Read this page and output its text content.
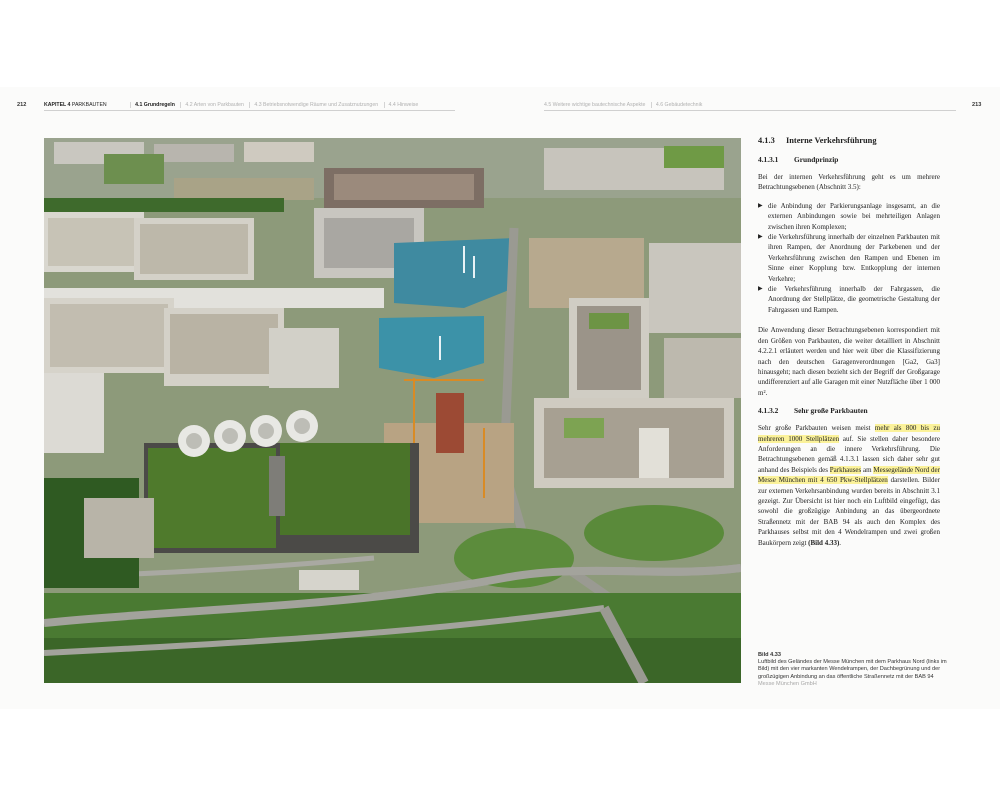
212	KAPITEL 4 PARKBAUTEN	4.1 Grundregeln 4.2 Arten von Parkbauten 4.3 Betriebsnotwendige Räume und Zusatznutzungen 4.4 Hinweise	4.5 Weitere wichtige bautechnische Aspekte 4.6 Gebäudetechnik	213
4.1.3 Interne Verkehrsführung
4.1.3.1 Grundprinzip
Bei der internen Verkehrsführung geht es um mehrere Betrachtungsebenen (Abschnitt 3.5):
▶ die Anbindung der Parkierungsanlage insgesamt, an die externen Anbindungen sowie bei mehrteiligen Anlagen zwischen ihren Komplexen;
▶ die Verkehrsführung innerhalb der einzelnen Parkbauten mit ihren Rampen, der Anordnung der Parkebenen und der Verkehrsführung zwischen den Rampen und Ebenen im Sinne einer Kopplung bzw. Entkopplung der internen Verkehre;
▶ die Verkehrsführung innerhalb der Fahrgassen, die Anordnung der Stellplätze, die geometrische Gestaltung der Fahrgassen und Rampen.
Die Anwendung dieser Betrachtungsebenen korrespondiert mit den Größen von Parkbauten, die weiter detailliert in Abschnitt 4.2.2.1 erläutert werden und hier weit über die Klassifizierung nach den deutschen Garagenverordnungen [Ga2, Ga3] hinausgeht; nach diesen bezieht sich der Begriff der Großgarage undifferenziert auf alle Garagen mit einer Nutzfläche über 1 000 m².
4.1.3.2 Sehr große Parkbauten
Sehr große Parkbauten weisen meist mehr als 800 bis zu mehreren 1000 Stellplätzen auf. Sie stellen daher besondere Anforderungen an die innere Verkehrsführung. Die Betrachtungsebenen gemäß 4.1.3.1 lassen sich daher sehr gut anhand des Beispiels des Parkhauses am Messegelände Nord der Messe München mit 4 650 Pkw-Stellplätzen darstellen. Bilder zur externen Verkehrsanbindung wurden bereits in Abschnitt 3.1 gezeigt. Zur Übersicht ist hier noch ein Luftbild eingefügt, das sowohl die großzügige Anbindung an das übergeordnete Straßennetz mit der BAB 94 als auch den Komplex des Parkhauses selbst mit den 4 Wendelrampen und zwei großen Baukörpern zeigt (Bild 4.33).
Bild 4.33
Luftbild des Geländes der Messe München mit dem Parkhaus Nord (links im Bild) mit den vier markanten Wendelrampen, der Dachbegrünung und der großzügigen Anbindung an das öffentliche Straßennetz mit der BAB 94
Messe München GmbH
